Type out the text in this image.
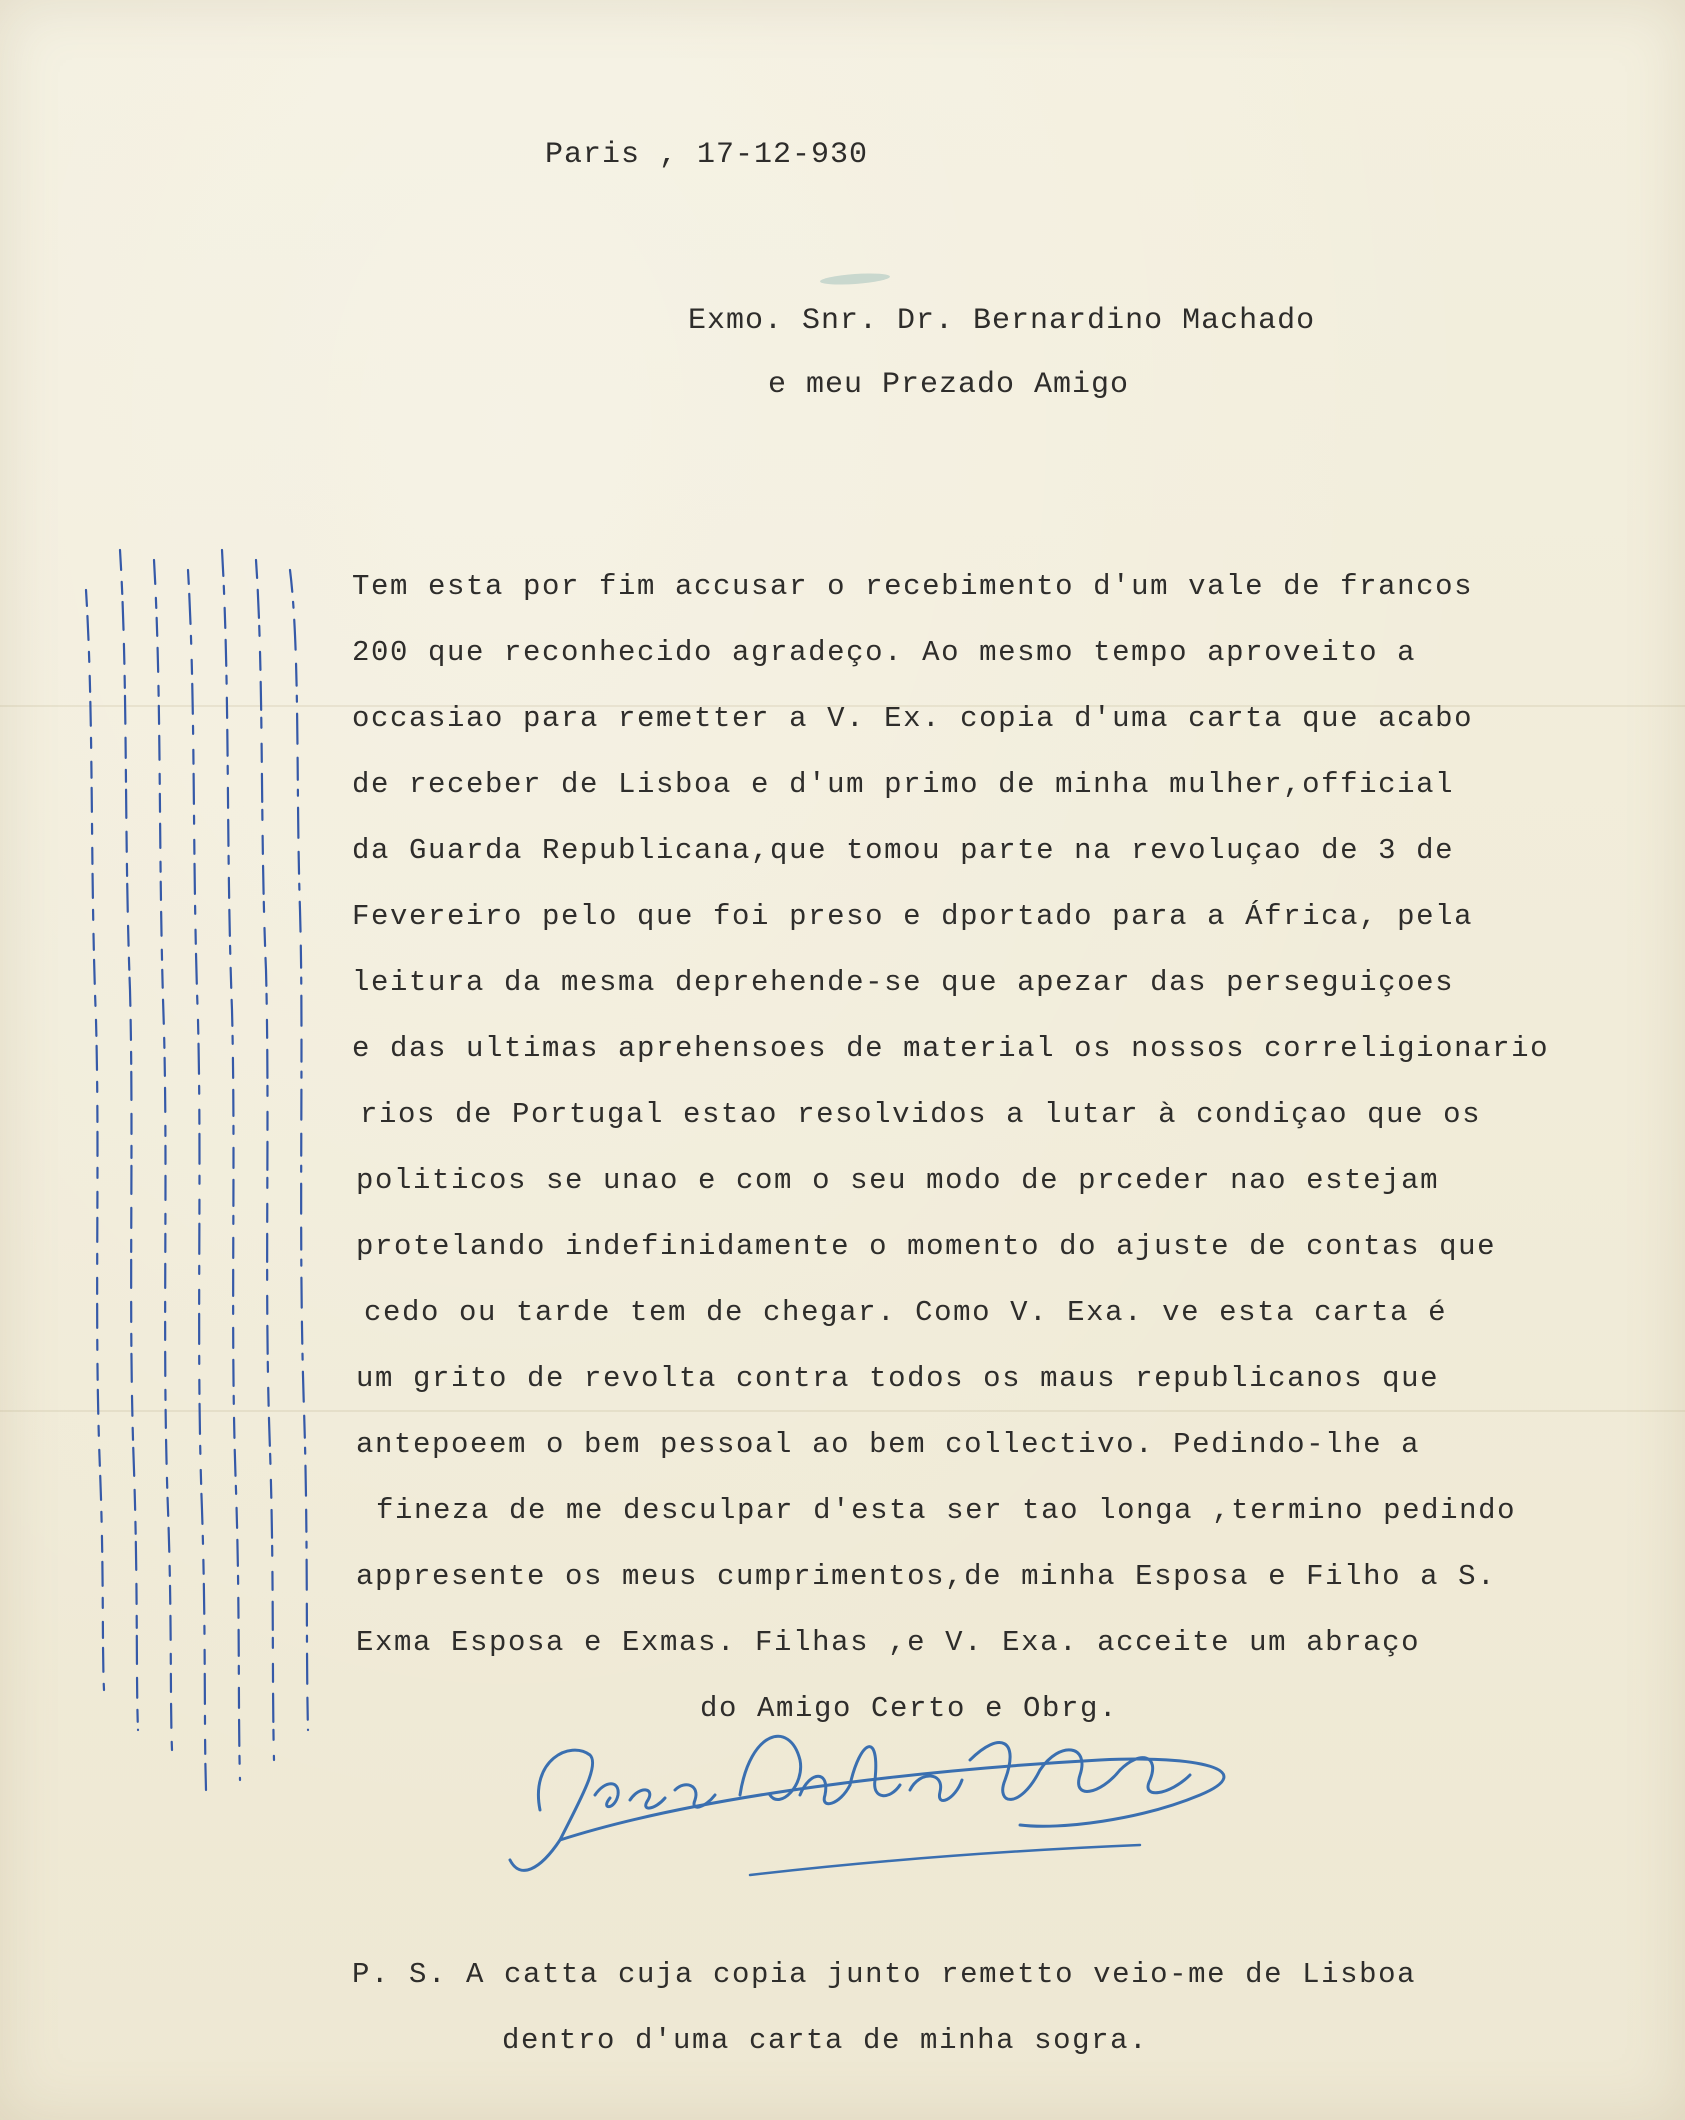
Paris , 17-12-930
Exmo. Snr. Dr. Bernardino Machado
e meu Prezado Amigo
Tem esta por fim accusar o recebimento d'um vale de francos
200 que reconhecido agradeço. Ao mesmo tempo aproveito a
occasiao para remetter a V. Ex. copia d'uma carta que acabo
de receber de Lisboa e d'um primo de minha mulher,official
da Guarda Republicana,que tomou parte na revoluçao de 3 de
Fevereiro pelo que foi preso e dportado para a África, pela
leitura da mesma deprehende-se que apezar das perseguiçoes
e das ultimas aprehensoes de material os nossos correligionario
rios de Portugal estao resolvidos a lutar à condiçao que os
politicos se unao e com o seu modo de prceder nao estejam
protelando indefinidamente o momento do ajuste de contas que
cedo ou tarde tem de chegar. Como V. Exa. ve esta carta é
um grito de revolta contra todos os maus republicanos que
antepoeem o bem pessoal ao bem collectivo. Pedindo-lhe a
fineza de me desculpar d'esta ser tao longa ,termino pedindo
appresente os meus cumprimentos,de minha Esposa e Filho a S.
Exma Esposa e Exmas. Filhas ,e V. Exa. acceite um abraço
do Amigo Certo e Obrg.
P. S. A catta cuja copia junto remetto veio-me de Lisboa
dentro d'uma carta de minha sogra.
